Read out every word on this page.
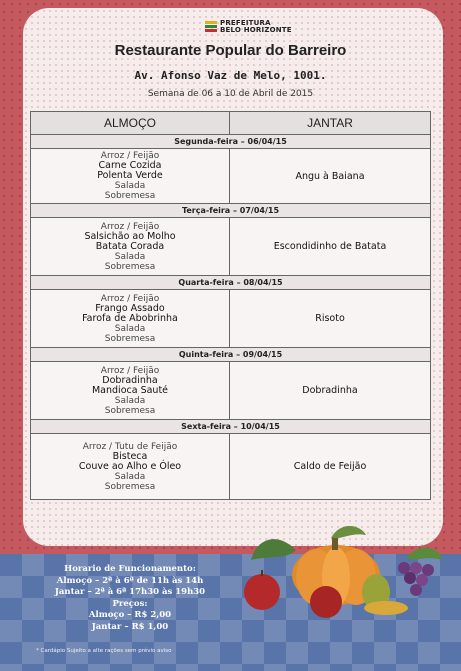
PREFEITURA
BELO HORIZONTE
Restaurante Popular do Barreiro
Av. Afonso Vaz de Melo, 1001.
Semana de 06 a 10 de Abril de 2015
ALMOÇO	JANTAR
Segunda-feira – 06/04/15	

Arroz / Feijão
Carne Cozida
Polenta Verde
Salada
Sobremesa	Angu à Baiana
Terça-feira – 07/04/15	

Arroz / Feijão
Salsichão ao Molho
Batata Corada
Salada
Sobremesa	Escondidinho de Batata
Quarta-feira – 08/04/15	

Arroz / Feijão
Frango Assado
Farofa de Abobrinha
Salada
Sobremesa	Risoto
Quinta-feira – 09/04/15	

Arroz / Feijão
Dobradinha
Mandioca Sauté
Salada
Sobremesa	Dobradinha
Sexta-feira – 10/04/15	

Arroz / Tutu de Feijão
Bisteca
Couve ao Alho e Óleo
Salada
Sobremesa	Caldo de Feijão
Horario de Funcionamento:
Almoço – 2ª à 6ª de 11h às 14h
Jantar – 2ª à 6ª 17h30 às 19h30
Preços:
Almoço – R$ 2,00
Jantar – R$ 1,00
* Cardápio Sujeito a alte rações sem prévio aviso
